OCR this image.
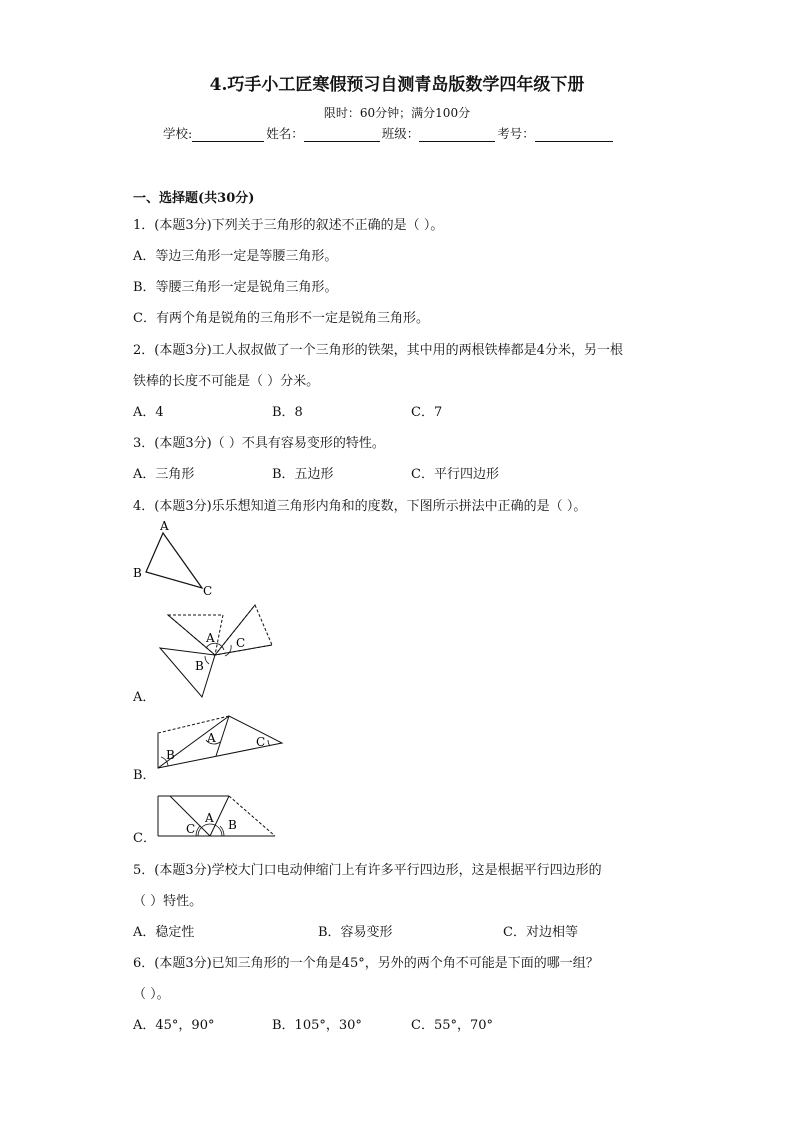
4.巧手小工匠寒假预习自测青岛版数学四年级下册
限时：60分钟；满分100分
学校:	姓名：	班级：	考号：
一、选择题(共30分)
1．(本题3分)下列关于三角形的叙述不正确的是（ ）。
A．等边三角形一定是等腰三角形。
B．等腰三角形一定是锐角三角形。
C．有两个角是锐角的三角形不一定是锐角三角形。
2．(本题3分)工人叔叔做了一个三角形的铁架，其中用的两根铁棒都是4分米，另一根
铁棒的长度不可能是（ ）分米。
A．4	B．8	C．7
3．(本题3分)（ ）不具有容易变形的特性。
A．三角形	B．五边形	C．平行四边形
4．(本题3分)乐乐想知道三角形内角和的度数，下图所示拼法中正确的是（ ）。
A
B
C
A C
B
A．
A
B
C
B．
A
C	B
C．
5．(本题3分)学校大门口电动伸缩门上有许多平行四边形，这是根据平行四边形的
（ ）特性。
A．稳定性	B．容易变形	C．对边相等
6．(本题3分)已知三角形的一个角是45°，另外的两个角不可能是下面的哪一组？
（ ）。
A．45°，90°	B．105°，30°	C．55°，70°
